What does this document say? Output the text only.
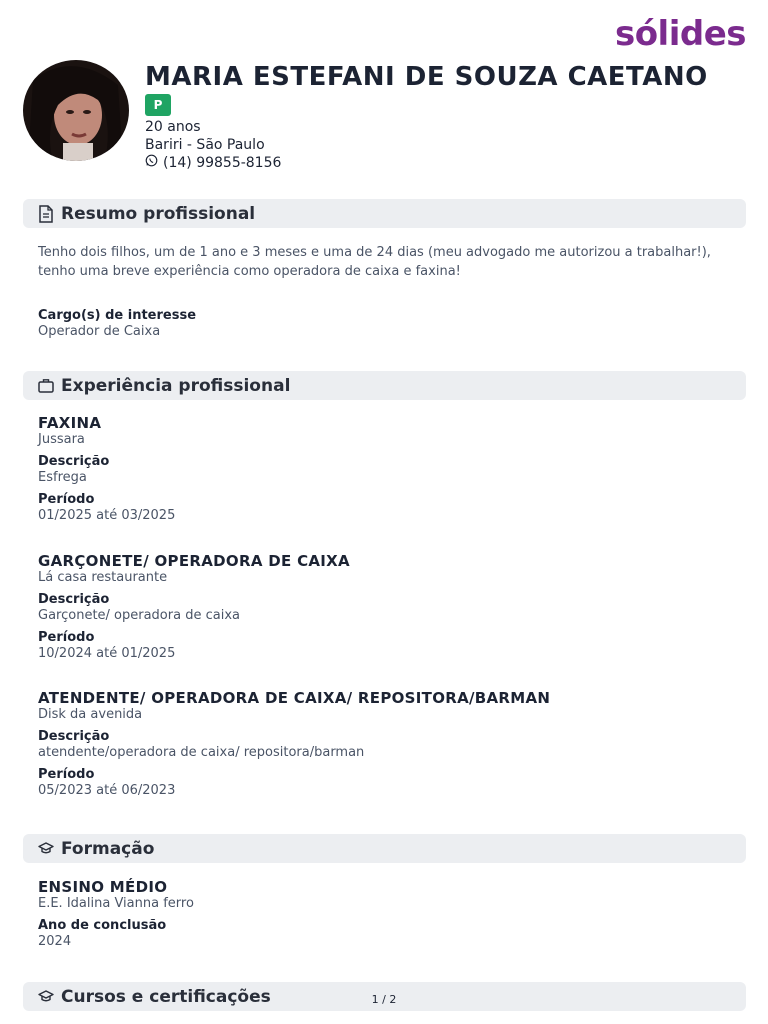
sólides
MARIA ESTEFANI DE SOUZA CAETANO
P
20 anos
Bariri - São Paulo
(14) 99855-8156
Resumo profissional

Tenho dois filhos, um de 1 ano e 3 meses e uma de 24 dias (meu advogado me autorizou a trabalhar!), tenho uma breve experiência como operadora de caixa e faxina!

Cargo(s) de interesse
Operador de Caixa
Experiência profissional
FAXINA
Jussara
Descrição
Esfrega
Período
01/2025 até 03/2025
GARÇONETE/ OPERADORA DE CAIXA
Lá casa restaurante
Descrição
Garçonete/ operadora de caixa
Período
10/2024 até 01/2025
ATENDENTE/ OPERADORA DE CAIXA/ REPOSITORA/BARMAN
Disk da avenida
Descrição
atendente/operadora de caixa/ repositora/barman
Período
05/2023 até 06/2023
Formação
ENSINO MÉDIO
E.E. Idalina Vianna ferro
Ano de conclusão
2024
Cursos e certificações	1 / 2
